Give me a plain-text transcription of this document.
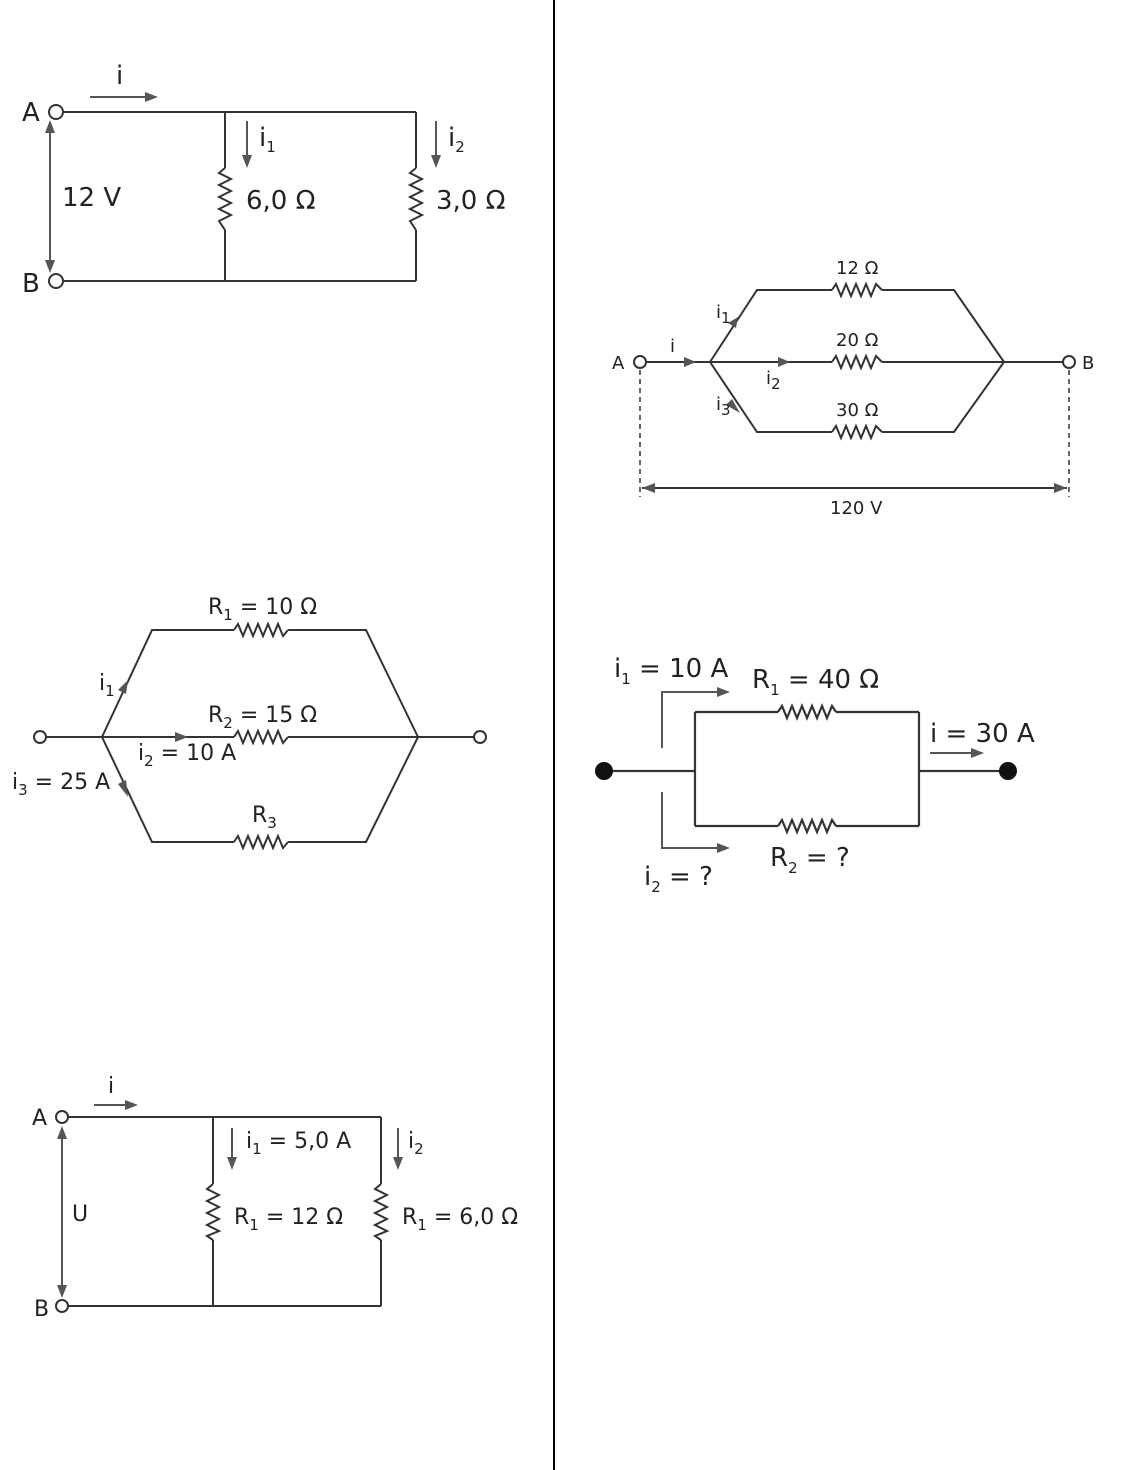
A
B
i
12 V
$i_1$	$i_2$
6,0 Ω	3,0 Ω
A	B
i
$i_1$
$i_2$
$i_3$
12 Ω
20 Ω
30 Ω
120 V
$R_1 = 10$ Ω
$R_2 = 15$ Ω
$R_3$
$i_1$
$i_2 = 10$ A
$i_3 = 25$ A
$i_1 = 10$ A $R_1 = 40$ Ω
i = 30 A
$i_2$ = ?
$R_2$ = ?
A
B
i
U
$i_1 = 5,0$ A	$i_2$
$R_1 = 12$ Ω	$R_1 = 6,0$ Ω
